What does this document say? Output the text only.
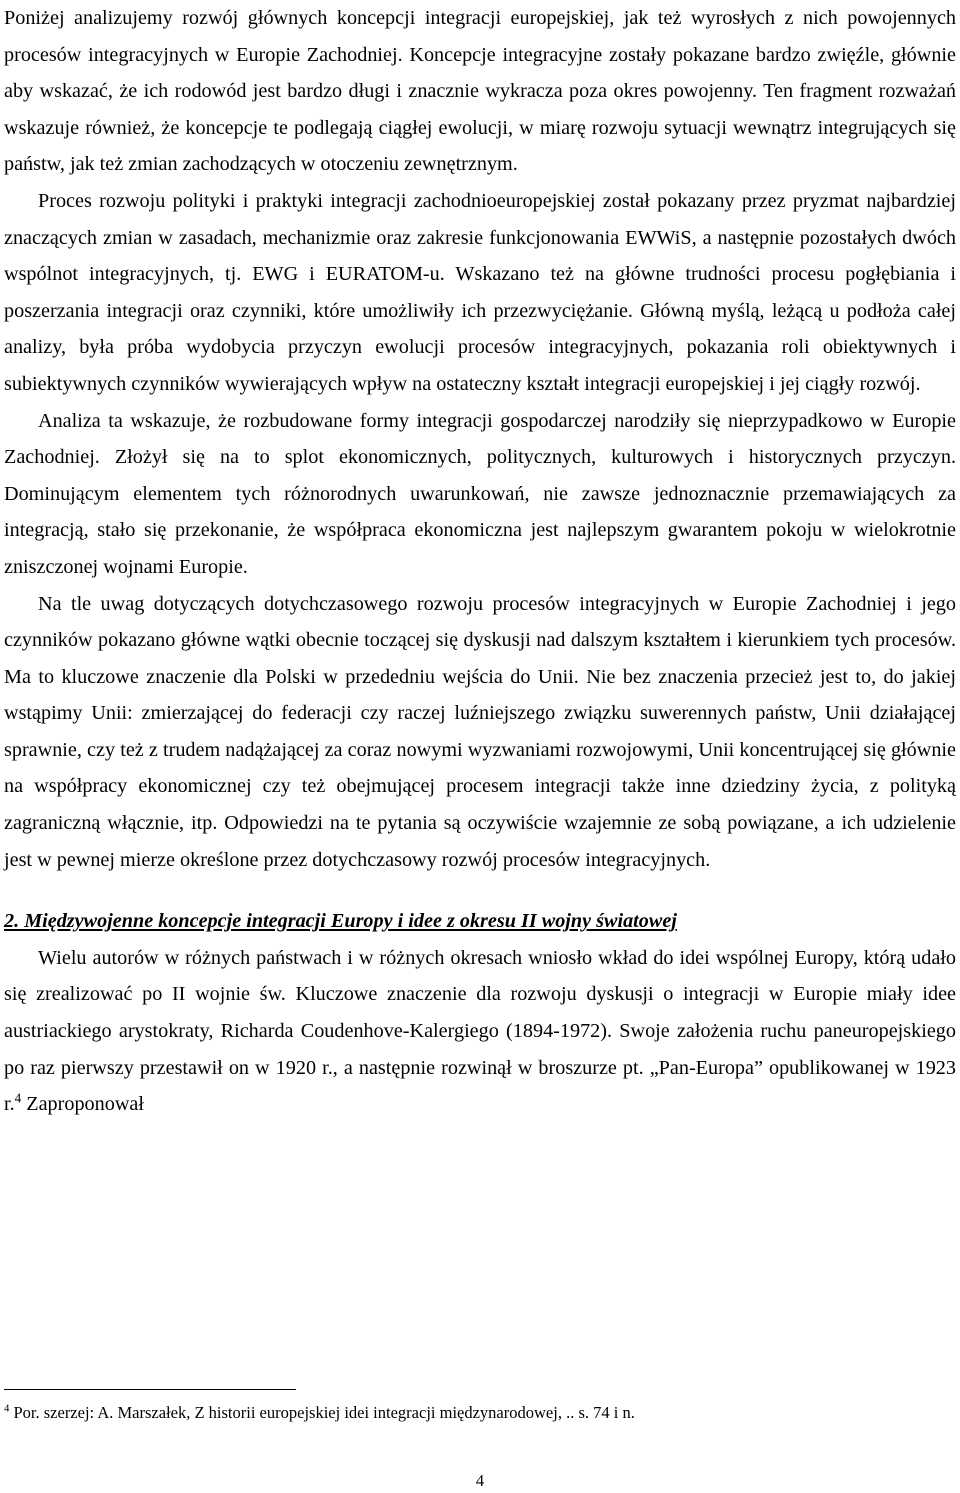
Poniżej analizujemy rozwój głównych koncepcji integracji europejskiej, jak też wyrosłych z nich powojennych procesów integracyjnych w Europie Zachodniej. Koncepcje integracyjne zostały pokazane bardzo zwięźle, głównie aby wskazać, że ich rodowód jest bardzo długi i znacznie wykracza poza okres powojenny. Ten fragment rozważań wskazuje również, że koncepcje te podlegają ciągłej ewolucji, w miarę rozwoju sytuacji wewnątrz integrujących się państw, jak też zmian zachodzących w otoczeniu zewnętrznym.

Proces rozwoju polityki i praktyki integracji zachodnioeuropejskiej został pokazany przez pryzmat najbardziej znaczących zmian w zasadach, mechanizmie oraz zakresie funkcjonowania EWWiS, a następnie pozostałych dwóch wspólnot integracyjnych, tj. EWG i EURATOM-u. Wskazano też na główne trudności procesu pogłębiania i poszerzania integracji oraz czynniki, które umożliwiły ich przezwyciężanie. Główną myślą, leżącą u podłoża całej analizy, była próba wydobycia przyczyn ewolucji procesów integracyjnych, pokazania roli obiektywnych i subiektywnych czynników wywierających wpływ na ostateczny kształt integracji europejskiej i jej ciągły rozwój.

Analiza ta wskazuje, że rozbudowane formy integracji gospodarczej narodziły się nieprzypadkowo w Europie Zachodniej. Złożył się na to splot ekonomicznych, politycznych, kulturowych i historycznych przyczyn. Dominującym elementem tych różnorodnych uwarunkowań, nie zawsze jednoznacznie przemawiających za integracją, stało się przekonanie, że współpraca ekonomiczna jest najlepszym gwarantem pokoju w wielokrotnie zniszczonej wojnami Europie.

Na tle uwag dotyczących dotychczasowego rozwoju procesów integracyjnych w Europie Zachodniej i jego czynników pokazano główne wątki obecnie toczącej się dyskusji nad dalszym kształtem i kierunkiem tych procesów. Ma to kluczowe znaczenie dla Polski w przededniu wejścia do Unii. Nie bez znaczenia przecież jest to, do jakiej wstąpimy Unii: zmierzającej do federacji czy raczej luźniejszego związku suwerennych państw, Unii działającej sprawnie, czy też z trudem nadążającej za coraz nowymi wyzwaniami rozwojowymi, Unii koncentrującej się głównie na współpracy ekonomicznej czy też obejmującej procesem integracji także inne dziedziny życia, z polityką zagraniczną włącznie, itp. Odpowiedzi na te pytania są oczywiście wzajemnie ze sobą powiązane, a ich udzielenie jest w pewnej mierze określone przez dotychczasowy rozwój procesów integracyjnych.

2. Międzywojenne koncepcje integracji Europy i idee z okresu II wojny światowej

Wielu autorów w różnych państwach i w różnych okresach wniosło wkład do idei wspólnej Europy, którą udało się zrealizować po II wojnie św. Kluczowe znaczenie dla rozwoju dyskusji o integracji w Europie miały idee austriackiego arystokraty, Richarda Coudenhove-Kalergiego (1894-1972). Swoje założenia ruchu paneuropejskiego po raz pierwszy przestawił on w 1920 r., a następnie rozwinął w broszurze pt. „Pan-Europa” opublikowanej w 1923 r.$^4$ Zaproponował

$^4$ Por. szerzej: A. Marszałek, Z historii europejskiej idei integracji międzynarodowej, .. s. 74 i n.
4
